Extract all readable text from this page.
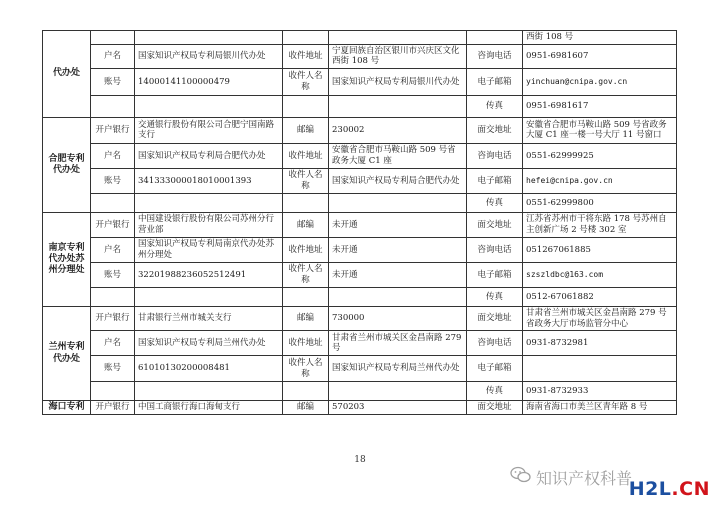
代办处						西街 108 号
	户名	国家知识产权局专利局银川代办处	收件地址	宁夏回族自治区银川市兴庆区文化西街 108 号	咨询电话	0951-6981607
	账号	14000141100000479	收件人名称	国家知识产权局专利局银川代办处	电子邮箱	yinchuan@cnipa.gov.cn
					传真	0951-6981617
合肥专利代办处	开户银行	交通银行股份有限公司合肥宁国南路支行	邮编	230002	面交地址	安徽省合肥市马鞍山路 509 号省政务大厦 C1 座一楼一号大厅 11 号窗口
	户名	国家知识产权局专利局合肥代办处	收件地址	安徽省合肥市马鞍山路 509 号省政务大厦 C1 座	咨询电话	0551-62999925
	账号	341333000018010001393	收件人名称	国家知识产权局专利局合肥代办处	电子邮箱	hefei@cnipa.gov.cn
					传真	0551-62999800
南京专利代办处苏州分理处	开户银行	中国建设银行股份有限公司苏州分行营业部	邮编	未开通	面交地址	江苏省苏州市干将东路 178 号苏州自主创新广场 2 号楼 302 室
	户名	国家知识产权局专利局南京代办处苏州分理处	收件地址	未开通	咨询电话	051267061885
	账号	32201988236052512491	收件人名称	未开通	电子邮箱	szszldbc@163.com
					传真	0512-67061882
兰州专利代办处	开户银行	甘肃银行兰州市城关支行	邮编	730000	面交地址	甘肃省兰州市城关区金昌南路 279 号省政务大厅市场监管分中心
	户名	国家知识产权局专利局兰州代办处	收件地址	甘肃省兰州市城关区金昌南路 279 号	咨询电话	0931-8732981
	账号	61010130200008481	收件人名称	国家知识产权局专利局兰州代办处	电子邮箱	
					传真	0931-8732933
海口专利	开户银行	中国工商银行海口海甸支行	邮编	570203	面交地址	海南省海口市美兰区青年路 8 号
18
知识产权科普
H2L.CN
